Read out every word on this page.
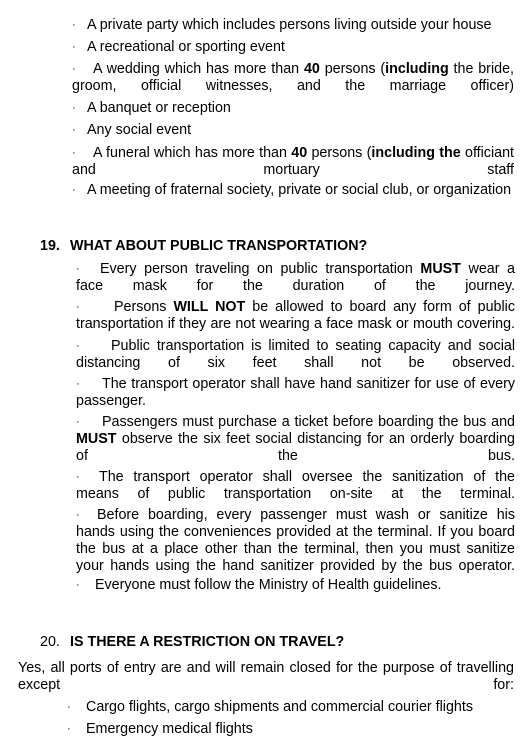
· A private party which includes persons living outside your house
· A recreational or sporting event
· A wedding which has more than 40 persons (including the bride, groom, official witnesses, and the marriage officer)
· A banquet or reception
· Any social event
· A funeral which has more than 40 persons (including the officiant and mortuary staff
· A meeting of fraternal society, private or social club, or organization
19. WHAT ABOUT PUBLIC TRANSPORTATION?
· Every person traveling on public transportation MUST wear a face mask for the duration of the journey.
· Persons WILL NOT be allowed to board any form of public transportation if they are not wearing a face mask or mouth covering.
· Public transportation is limited to seating capacity and social distancing of six feet shall not be observed.
· The transport operator shall have hand sanitizer for use of every passenger.
· Passengers must purchase a ticket before boarding the bus and MUST observe the six feet social distancing for an orderly boarding of the bus.
· The transport operator shall oversee the sanitization of the means of public transportation on-site at the terminal.
· Before boarding, every passenger must wash or sanitize his hands using the conveniences provided at the terminal. If you board the bus at a place other than the terminal, then you must sanitize your hands using the hand sanitizer provided by the bus operator.
· Everyone must follow the Ministry of Health guidelines.
20. IS THERE A RESTRICTION ON TRAVEL?
Yes, all ports of entry are and will remain closed for the purpose of travelling except for:
· Cargo flights, cargo shipments and commercial courier flights
· Emergency medical flights
